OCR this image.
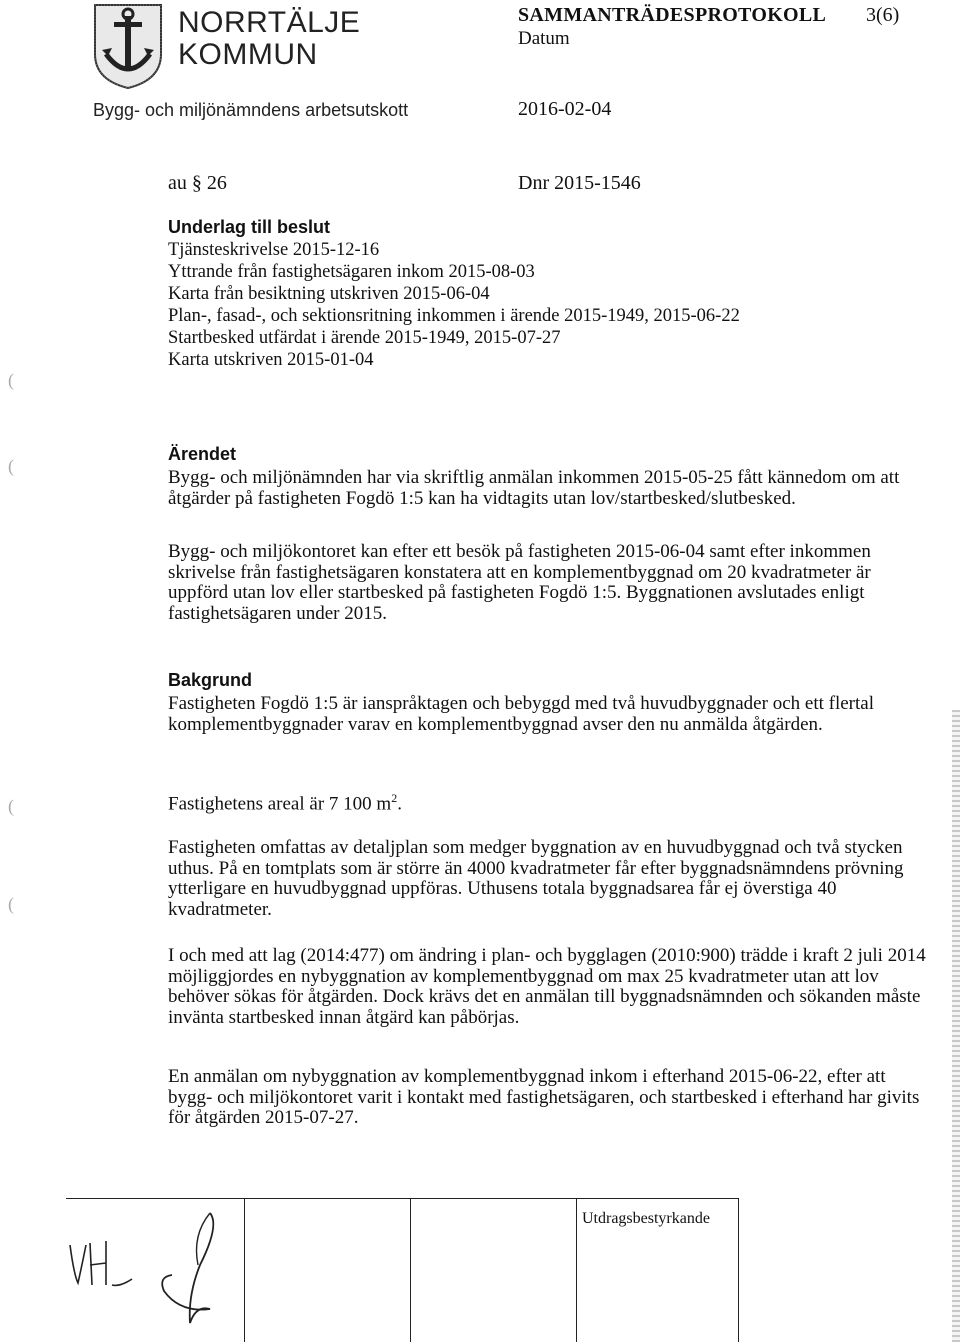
NORRTÄLJE
KOMMUN
SAMMANTRÄDESPROTOKOLL 3(6)
Datum
Bygg- och miljönämndens arbetsutskott	2016-02-04
au § 26	Dnr 2015-1546
Underlag till beslut
Tjänsteskrivelse 2015-12-16
Yttrande från fastighetsägaren inkom 2015-08-03
Karta från besiktning utskriven 2015-06-04
Plan-, fasad-, och sektionsritning inkommen i ärende 2015-1949, 2015-06-22
Startbesked utfärdat i ärende 2015-1949, 2015-07-27
Karta utskriven 2015-01-04
Ärendet

Bygg- och miljönämnden har via skriftlig anmälan inkommen 2015-05-25 fått kännedom om att åtgärder på fastigheten Fogdö 1:5 kan ha vidtagits utan lov/startbesked/slutbesked.

Bygg- och miljökontoret kan efter ett besök på fastigheten 2015-06-04 samt efter inkommen skrivelse från fastighetsägaren konstatera att en komplementbyggnad om 20 kvadratmeter är uppförd utan lov eller startbesked på fastigheten Fogdö 1:5. Byggnationen avslutades enligt fastighetsägaren under 2015.

Bakgrund

Fastigheten Fogdö 1:5 är ianspråktagen och bebyggd med två huvudbyggnader och ett flertal komplementbyggnader varav en komplementbyggnad avser den nu anmälda åtgärden.

Fastighetens areal är 7 100 $m^2$.

Fastigheten omfattas av detaljplan som medger byggnation av en huvudbyggnad och två stycken uthus. På en tomtplats som är större än 4000 kvadratmeter får efter byggnadsnämndens prövning ytterligare en huvudbyggnad uppföras. Uthusens totala byggnadsarea får ej överstiga 40 kvadratmeter.

I och med att lag (2014:477) om ändring i plan- och bygglagen (2010:900) trädde i kraft 2 juli 2014 möjliggjordes en nybyggnation av komplementbyggnad om max 25 kvadratmeter utan att lov behöver sökas för åtgärden. Dock krävs det en anmälan till byggnadsnämnden och sökanden måste invänta startbesked innan åtgärd kan påbörjas.

En anmälan om nybyggnation av komplementbyggnad inkom i efterhand 2015-06-22, efter att bygg- och miljökontoret varit i kontakt med fastighetsägaren, och startbesked i efterhand har givits för åtgärden 2015-07-27.

Utdragsbestyrkande
(
(
(
(
